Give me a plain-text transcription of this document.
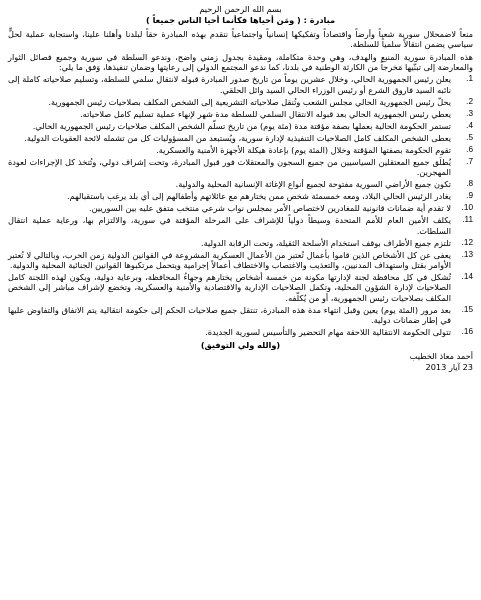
بسم الله الرحمن الرحيم
مبادرة : ( ومَن أحياها فكأنما أحيا الناس جميعاً )
منعاً لاضمحلال سورية شعباً وأرضاً واقتصاداً وتفكيكها إنسانياً واجتماعياً نتقدم بهذه المبادرة حقاً لبلدنا وأهلنا علينا، واستجابة عملية لحلٍّ سياسي يضمن انتقالاً سلمياً للسلطة.
هذه المبادرة سورية المنبع والهدف، وهي وحدة متكاملة، ومقيدة بجدول زمني واضح، وندعو السلطة في سورية وجميع فصائل الثوار والمعارضة إلى تبنّيها مَخرجاً من الكارثة الوطنية في بلدنا، كما ندعو المجتمع الدولي إلى رعايتها وضمان تنفيذها، وَفق ما يلي:
1.
يعلن رئيس الجمهورية الحالي، وخلال عشرين يوماً من تاريخ صدور المبادرة قبوله لانتقال سلمي للسلطة، وتسليم صلاحياته كاملة إلى نائبه السيد فاروق الشرع أو رئيس الوزراء الحالي السيد وائل الحلقي.
2.
يحلّ رئيس الجمهورية الحالي مجلس الشعب وتُنقل صلاحياته التشريعية إلى الشخص المكلف بصلاحيات رئيس الجمهورية.
3.
يعطي رئيس الجمهورية الحالي بعد قبوله الانتقال السلمي للسلطة مدة شهر لإنهاء عملية تسليم كامل صلاحياته.
4.
تستمر الحكومة الحالية بعملها بصفة مؤقتة مدة (مئة يوم) من تاريخ تسلّم الشخص المكلف صلاحيات رئيس الجمهورية الحالي.
5.
يعطى الشخص المكلف كامل الصلاحيات التنفيذية لإدارة سورية، ويُستبعد من المسؤوليات كل من تشمله لائحة العقوبات الدولية.
6.
تقوم الحكومة بصفتها المؤقتة وخلال (المئة يوم) بإعادة هيكلة الأجهزة الأمنية والعسكرية.
7.
يُطلَق جميع المعتقلين السياسيين من جميع السجون والمعتقلات فور قبول المبادرة، وتحت إشراف دولي، وتُتخذ كل الإجراءات لعودة المهجرين.
8.
تكون جميع الأراضي السورية مفتوحة لجميع أنواع الإغاثة الإنسانية المحلية والدولية.
9.
يغادر الرئيس الحالي البلاد، ومعه خمسمئة شخص ممن يختارهم مع عائلاتهم وأطفالهم إلى أي بلد يرغب باستقبالهم.
10.
لا تقدم أية ضمانات قانونية للمغادرين لاختصاص الأمر بمجلس نواب شرعي منتخب متفق عليه بين السوريين.
11.
يكلف الأمين العام للأمم المتحدة وسيطاً دولياً للإشراف على المرحلة المؤقتة في سورية، والالتزام بها، ورعاية عملية انتقال السلطات.
12.
تلتزم جميع الأطراف بوقف استخدام الأسلحة الثقيلة، وتحت الرقابة الدولية.
13.
يعفى عن كل الأشخاص الذين قاموا بأعمال تُعتبر من الأعمال العسكرية المشروعة في القوانين الدولية زمن الحرب، وبالتالي لا تُعتبر الأوامر بقتل واستهداف المدنيين، والتعذيب والاغتصاب والاختطاف أعمالاً إجرامية ويتحمل مرتكبوها القوانين الجنائية المحلية والدولية.
14.
تُشكل في كل محافظة لجنة لإدارتها مكونة من خمسة أشخاص يختارهم وجهاءُ المحافظة، وبرعاية دولية، ويكون لهذه اللجنة كامل الصلاحيات لإدارة الشؤون المحلية، وتكمل الصلاحيات الإدارية والاقتصادية والأمنية والعسكرية، وتخضع لإشراف مباشر إلى الشخص المكلف بصلاحيات رئيس الجمهورية، أو من يُكلّفه.
15.
بعد مرور (المئة يوم) يعين وقبل انتهاء مدة هذه المبادرة، تنتقل جميع صلاحيات الحكم إلى حكومة انتقالية يتم الاتفاق والتفاوض عليها في إطار ضمانات دولية.
16.
تتولى الحكومة الانتقالية اللاحقة مهام التحضير والتأسيس لسورية الجديدة.
(والله ولي التوفيق)
أحمد معاذ الخطيب
23 آيار 2013
